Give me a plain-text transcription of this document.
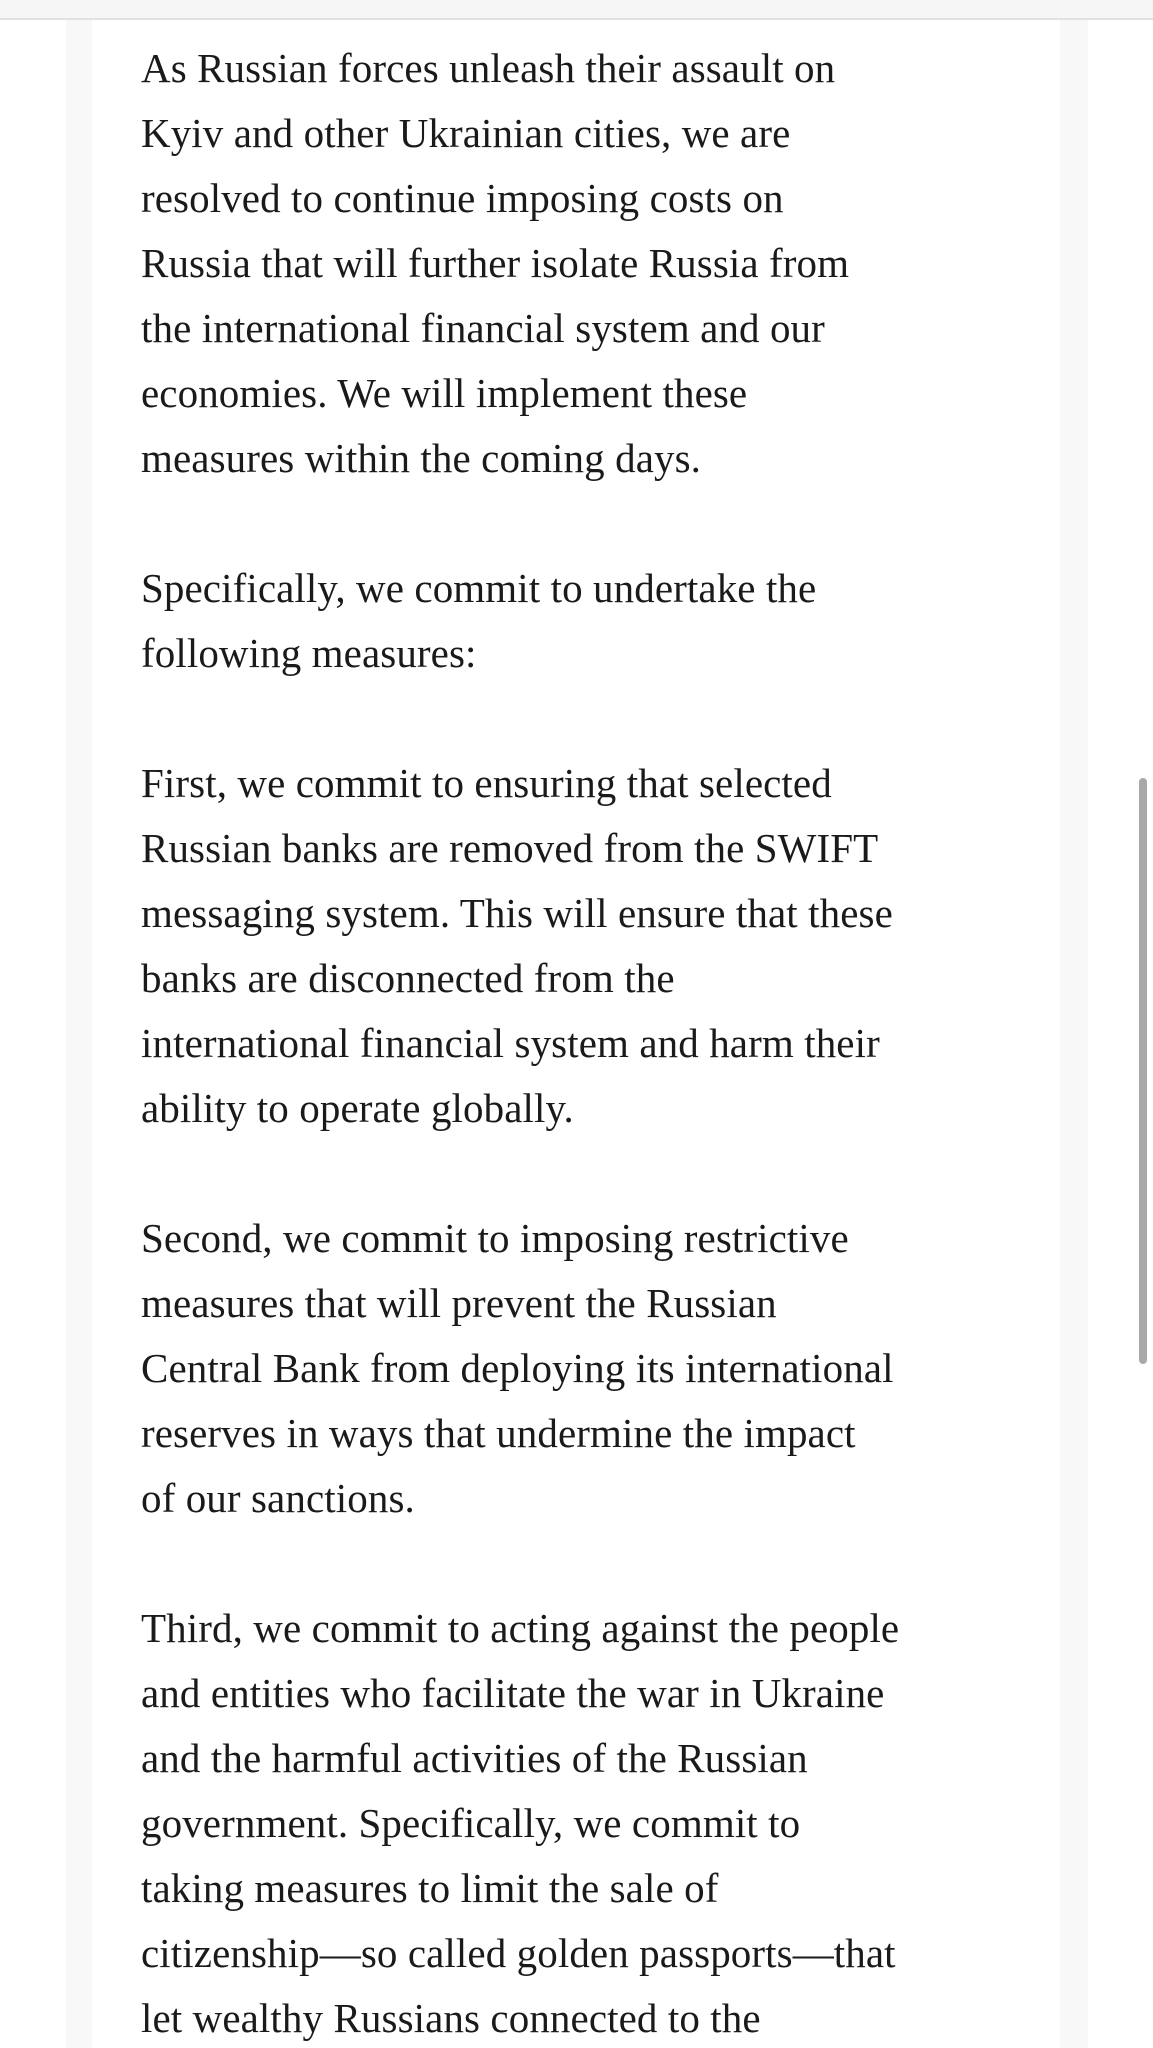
As Russian forces unleash their assault on
Kyiv and other Ukrainian cities, we are
resolved to continue imposing costs on
Russia that will further isolate Russia from
the international financial system and our
economies. We will implement these
measures within the coming days.

Specifically, we commit to undertake the
following measures:

First, we commit to ensuring that selected
Russian banks are removed from the SWIFT
messaging system. This will ensure that these
banks are disconnected from the
international financial system and harm their
ability to operate globally.

Second, we commit to imposing restrictive
measures that will prevent the Russian
Central Bank from deploying its international
reserves in ways that undermine the impact
of our sanctions.

Third, we commit to acting against the people
and entities who facilitate the war in Ukraine
and the harmful activities of the Russian
government. Specifically, we commit to
taking measures to limit the sale of
citizenship—so called golden passports—that
let wealthy Russians connected to the
